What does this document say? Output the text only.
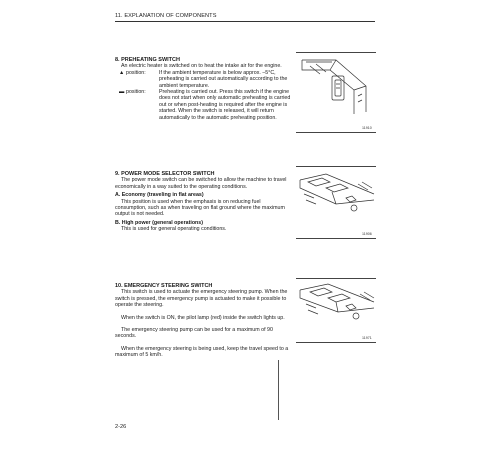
11. EXPLANATION OF COMPONENTS
8. PREHEATING SWITCH
An electric heater is switched on to heat the intake air for the engine.
▲ position:	If the ambient temperature is below approx. –5°C, preheating is carried out automatically according to the ambient temperature.
▬ position:	Preheating is carried out. Press this switch if the engine does not start when only automatic preheating is carried out or when post-heating is required after the engine is started. When the switch is released, it will return automatically to the automatic preheating position.
9. POWER MODE SELECTOR SWITCH
The power mode switch can be switched to allow the machine to travel economically in a way suited to the operating conditions.
A. Economy (traveling in flat areas)
This position is used when the emphasis is on reducing fuel consumption, such as when traveling on flat ground where the maximum output is not needed.
B. High power (general operations)
This is used for general operating conditions.
10. EMERGENCY STEERING SWITCH
This switch is used to actuate the emergency steering pump. When the switch is pressed, the emergency pump is actuated to make it possible to operate the steering.
When the switch is ON, the pilot lamp (red) inside the switch lights up.
The emergency steering pump can be used for a maximum of 90 seconds.
When the emergency steering is being used, keep the travel speed to a maximum of 5 km/h.
11910
11906
11971
2-26
